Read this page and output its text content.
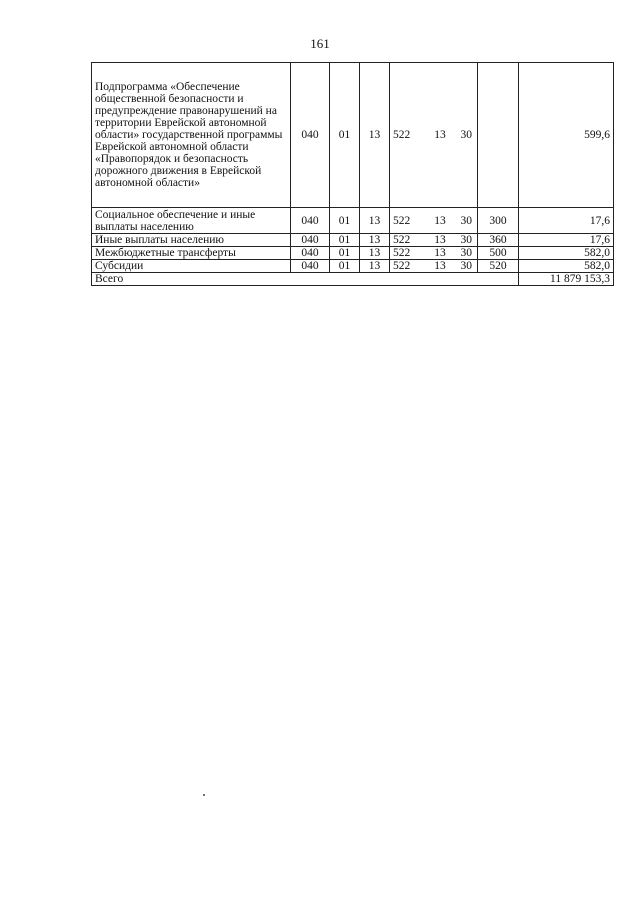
161
Подпрограмма «Обеспечение общественной безопасности и предупреждение правонарушений на территории Еврейской автономной области» государственной программы Еврейской автономной области «Правопорядок и безопасность дорожного движения в Еврейской автономной области»	040	01	13	522	13	30		599,6
Социальное обеспечение и иные выплаты населению	040	01	13	522	13	30	300	17,6
Иные выплаты населению	040	01	13	522	13	30	360	17,6
Межбюджетные трансферты	040	01	13	522	13	30	500	582,0
Субсидии	040	01	13	522	13	30	520	582,0
Всего								11 879 153,3
